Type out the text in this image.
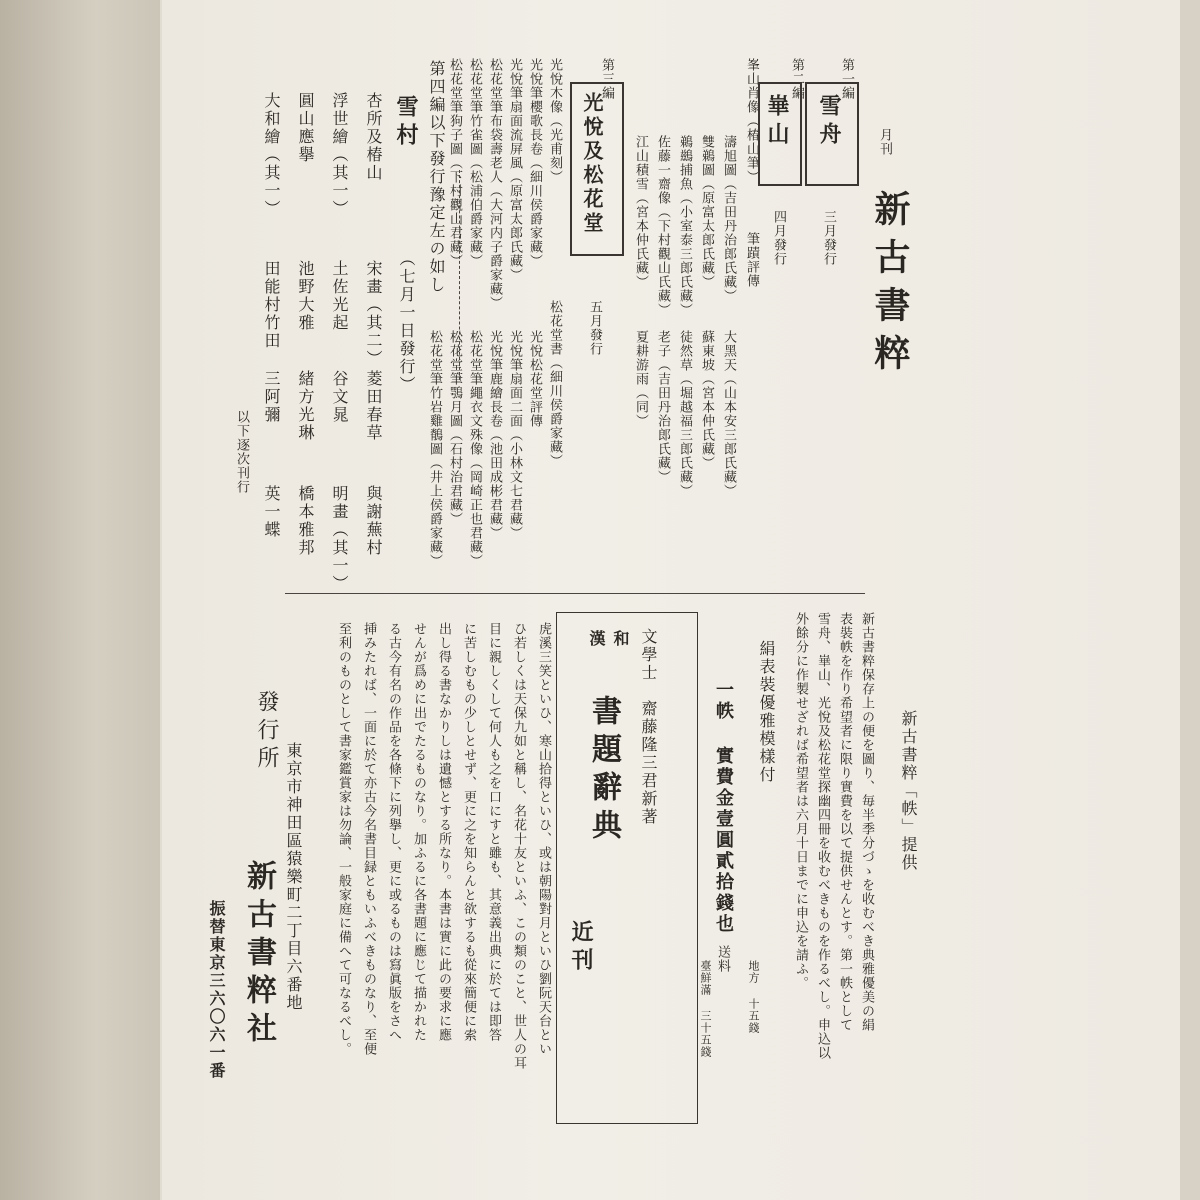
月刊
新古書粹
第一編
雪舟
三月發行
峯山肖像（椿山筆）
筆蹟評傳
濤旭圖（吉田丹治郎氏藏）
大黑天（山本安三郎氏藏）
第二編
崋山
四月發行
雙鵜圖（原富太郎氏藏）
蘇東坡（宮本仲氏藏）
鵜鷀捕魚（小室泰三郎氏藏）
徒然草（堀越福三郎氏藏）
佐藤一齋像（下村觀山氏藏）
老子（吉田丹治郎氏藏）
江山積雪（宮本仲氏藏）
夏耕游雨（同）
第三編
光悅及松花堂
五月發行
光悅木像（光甫刻）
光悅筆櫻歌長卷（細川侯爵家藏）
光悅筆扇面流屏風（原富太郎氏藏）
松花堂筆布袋壽老人（大河内子爵家藏）
松花堂筆竹雀圖（松浦伯爵家藏）
松花堂筆狗子圖（下村觀山君藏）
松花堂書（細川侯爵家藏）
光悅松花堂評傳
光悅筆扇面二面（小林文七君藏）
光悅筆鹿繪長卷（池田成彬君藏）
松花堂筆繩衣文殊像（岡崎正也君藏）
松花堂筆鶚月圖（石村治君藏）
松花堂筆竹岩雞鶺圖（井上侯爵家藏）
第四編以下發行豫定左の如し
雪村
（七月一日發行）
杏所及椿山
宋畫（其二）
菱田春草
與謝蕪村
浮世繪（其一）
土佐光起
谷文晁
明畫（其一）
圓山應擧
池野大雅
緒方光琳
橋本雅邦
大和繪（其一）
田能村竹田
三阿彌
英一蝶
以下逐次刊行
新古書粹「帙」提供
新古書粹保存上の便を圖り、毎半季分づゝを收むべき典雅優美の絹
表裝帙を作り希望者に限り實費を以て提供せんとす。第一帙として
雪舟、崋山、光悅及松花堂探幽四冊を收むべきものを作るべし。申込以
外餘分に作製せざれば希望者は六月十日までに申込を請ふ。
絹表裝優雅模樣付
一帙 實費金壹圓貳拾錢也
送料
地方 十五錢
臺鮮滿 三十五錢
文學士
齋藤隆三君新著
和
漢
書題辭典
近刊
虎溪三笑といひ、寒山拾得といひ、或は朝陽對月といひ劉阮天台とい
ひ若しくは天保九如と稱し、名花十友といふ、この類のこと、世人の耳
目に親しくして何人も之を口にすと雖も、其意義出典に於ては即答
に苦しむもの少しとせず、更に之を知らんと欲するも從來簡便に索
出し得る書なかりしは遺憾とする所なり。本書は實に此の要求に應
せんが爲めに出でたるものなり。加ふるに各書題に應じて描かれた
る古今有名の作品を各條下に列擧し、更に或るものは寫眞版をさへ
挿みたれば、一面に於て亦古今名書目録ともいふべきものなり、至便
至利のものとして書家鑑賞家は勿論、一般家庭に備へて可なるべし。
發行所
東京市神田區猿樂町二丁目六番地
新古書粹社
振替東京三六〇六一番
